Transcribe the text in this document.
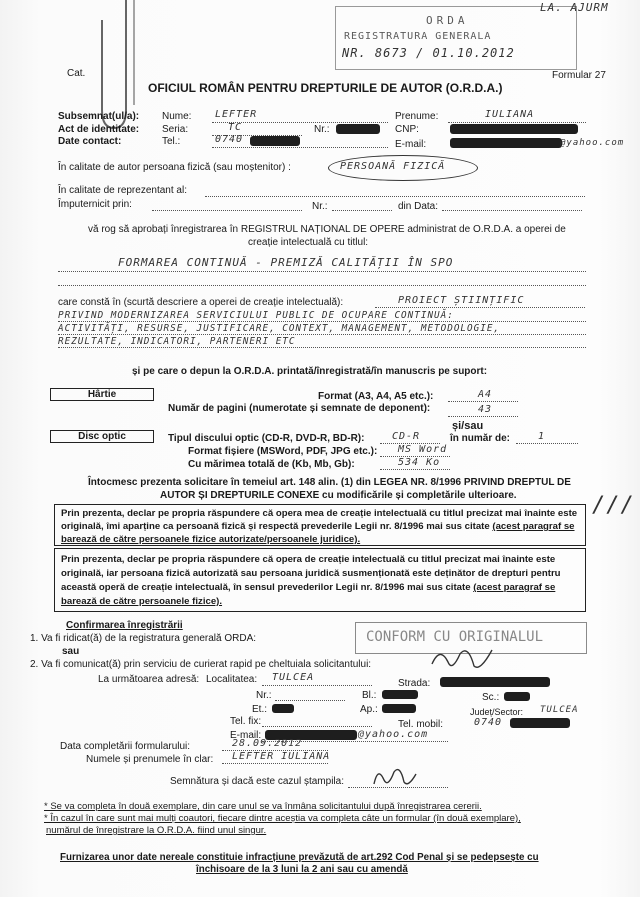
ORDA
REGISTRATURA GENERALA
NR. 8673 / 01.10.2012
LA. AJURM
Cat.	Formular 27
OFICIUL ROMÂN PENTRU DREPTURILE DE AUTOR (O.R.D.A.)
Subsemnat(ul/a): Nume: LEFTER	Prenume:	IULIANA
Act de identitate: Seria:	TC	Nr.:	CNP:
Date contact:	Tel.:	0740	E-mail:	@yahoo.com
În calitate de autor persoana fizică (sau moștenitor) :	PERSOANĂ FIZICĂ
În calitate de reprezentant al:
Împuternicit prin:	Nr.:	din Data:
vă rog să aprobați înregistrarea în REGISTRUL NAȚIONAL DE OPERE administrat de O.R.D.A. a operei de
creație intelectuală cu titlul:
FORMAREA CONTINUĂ - PREMIZĂ CALITĂȚII ÎN SPO
care constă în (scurtă descriere a operei de creație intelectuală):	PROIECT ȘTIINȚIFIC
PRIVIND MODERNIZAREA SERVICIULUI PUBLIC DE OCUPARE CONTINUĂ:
ACTIVITĂȚI, RESURSE, JUSTIFICARE, CONTEXT, MANAGEMENT, METODOLOGIE,
REZULTATE, INDICATORI, PARTENERI ETC
și pe care o depun la O.R.D.A. printată/înregistrată/în manuscris pe suport:
Hârtie	Format (A3, A4, A5 etc.):	A4
Număr de pagini (numerotate și semnate de deponent):	43
și/sau
Disc optic	Tipul discului optic (CD-R, DVD-R, BD-R):	CD-R	în număr de:	1
Format fișiere (MSWord, PDF, JPG etc.): MS Word
Cu mărimea totală de (Kb, Mb, Gb):	534 Ko
Întocmesc prezenta solicitare în temeiul art. 148 alin. (1) din LEGEA NR. 8/1996 PRIVIND DREPTUL DE
AUTOR ȘI DREPTURILE CONEXE cu modificările și completările ulterioare.
Prin prezenta, declar pe propria răspundere că opera mea de creație intelectuală cu titlul precizat mai înainte este originală, îmi aparține ca persoană fizică și respectă prevederile Legii nr. 8/1996 mai sus citate (acest paragraf se barează de către persoanele fizice autorizate/persoanele juridice).
///
Prin prezenta, declar pe propria răspundere că opera de creație intelectuală cu titlul precizat mai înainte este originală, iar persoana fizică autorizată sau persoana juridică susmenționată este deținător de drepturi pentru această operă de creație intelectuală, în sensul prevederilor Legii nr. 8/1996 mai sus citate (acest paragraf se barează de către persoanele fizice).
Confirmarea înregistrării
1. Va fi ridicat(ă) de la registratura generală ORDA:
sau
2. Va fi comunicat(ă) prin serviciu de curierat rapid pe cheltuiala solicitantului:
CONFORM CU ORIGINALUL
La următoarea adresă: Localitatea: TULCEA
Strada:
Nr.:	Bl.:	Sc.:
Et.:	Ap.:	Județ/Sector: TULCEA
Tel. fix:	Tel. mobil:	0740
E-mail:	@yahoo.com
Data completării formularului:	28.09.2012
Numele și prenumele în clar: LEFTER IULIANA
Semnătura și dacă este cazul ștampila:
* Se va completa în două exemplare, din care unul se va înmâna solicitantului după înregistrarea cererii.
* În cazul în care sunt mai mulți coautori, fiecare dintre aceștia va completa câte un formular (în două exemplare),
numărul de înregistrare la O.R.D.A. fiind unul singur.
Furnizarea unor date nereale constituie infracțiune prevăzută de art.292 Cod Penal și se pedepsește cu
închisoare de la 3 luni la 2 ani sau cu amendă
